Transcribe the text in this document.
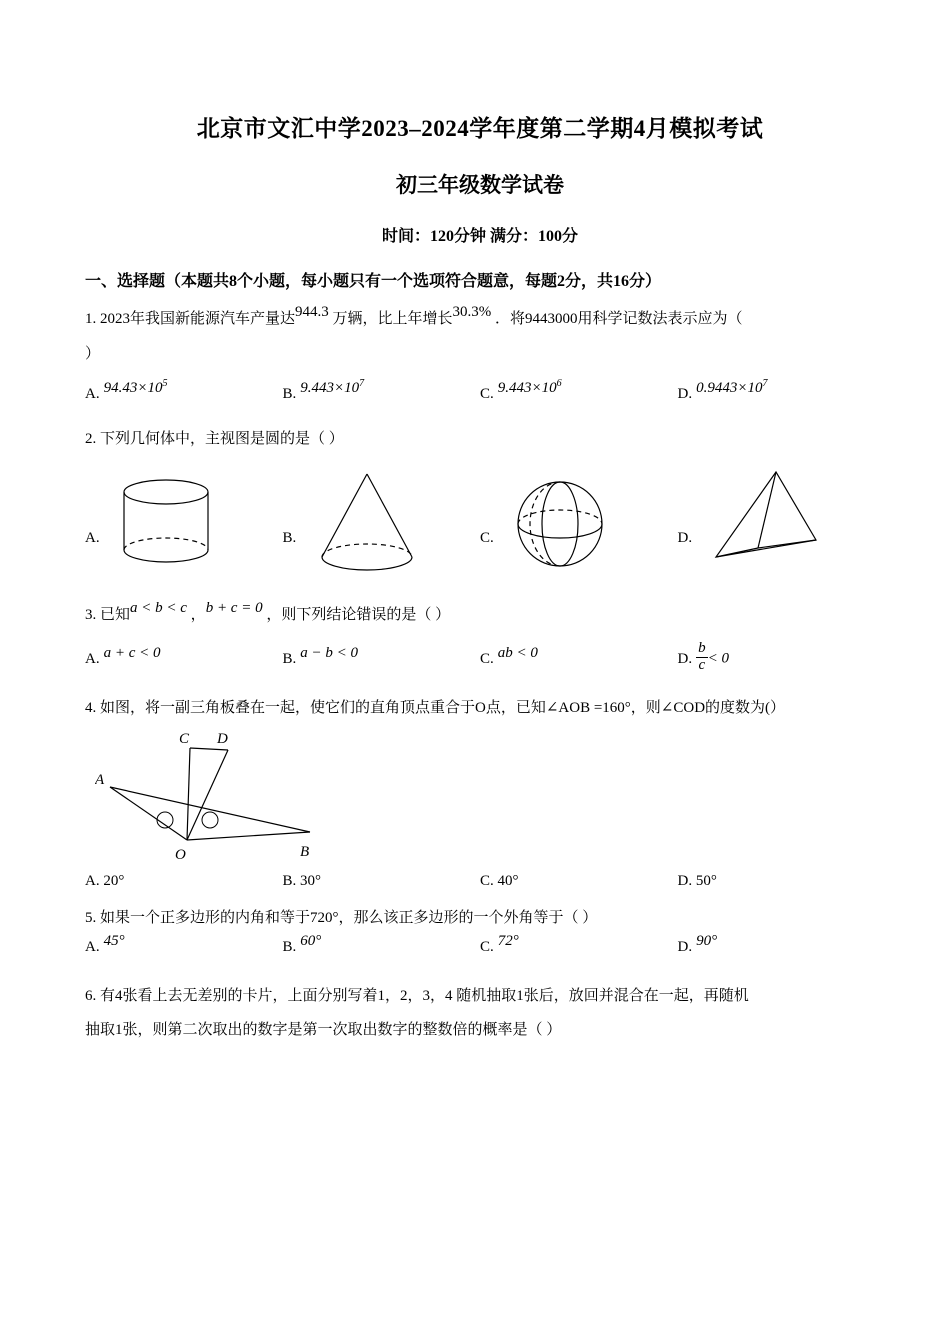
北京市文汇中学2023–2024学年度第二学期4月模拟考试
初三年级数学试卷
时间：120分钟 满分：100分
一、选择题（本题共8个小题，每小题只有一个选项符合题意，每题2分，共16分）
1. 2023年我国新能源汽车产量达944.3 万辆，比上年增长30.3% ．将9443000用科学记数法表示应为（
）
A. $94.43\times 10^5$
B. $9.443\times 10^7$
C. $9.443\times 10^6$
D. $0.9443\times 10^7$
2. 下列几何体中，主视图是圆的是（ ）
A.	B.	C.	D.
3. 已知a < b < c ，b + c = 0 ，则下列结论错误的是（ ）
A. a + c < 0	B. a − b < 0	C. ab < 0	D. $\frac{b}{c} < 0$
4. 如图，将一副三角板叠在一起，使它们的直角顶点重合于O点，已知∠AOB =160°，则∠COD的度数为(）
C D
A
O	B
A. 20°	B. 30°	C. 40°	D. 50°
5. 如果一个正多边形的内角和等于720°，那么该正多边形的一个外角等于（ ）
A. 45°	B. 60°	C. 72°	D. 90°
6. 有4张看上去无差别的卡片，上面分别写着1，2，3，4 随机抽取1张后，放回并混合在一起，再随机
抽取1张，则第二次取出的数字是第一次取出数字的整数倍的概率是（ ）
